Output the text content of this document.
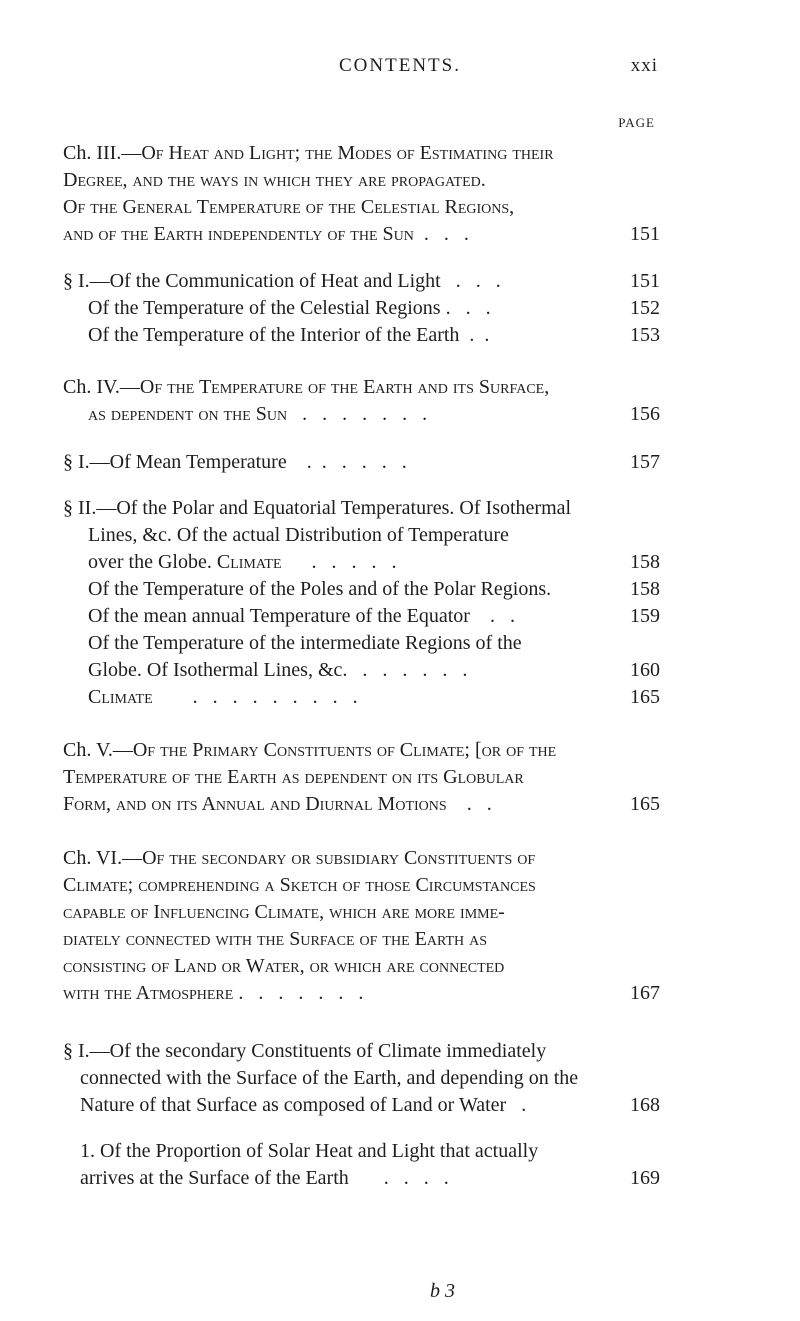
CONTENTS.	xxi
PAGE
Ch. III.—Of Heat and Light; the Modes of Estimating their
Degree, and the ways in which they are propagated.
Of the General Temperature of the Celestial Regions,
and of the Earth independently of the Sun  .   .   .	151
§ I.—Of the Communication of Heat and Light   .   .   .	151
Of the Temperature of the Celestial Regions .   .   .	152
Of the Temperature of the Interior of the Earth  .  .	153
Ch. IV.—Of the Temperature of the Earth and its Surface,
as dependent on the Sun   .   .   .   .   .   .   .	156
§ I.—Of Mean Temperature    .  .   .   .   .   .	157
§ II.—Of the Polar and Equatorial Temperatures. Of Isothermal
Lines, &c. Of the actual Distribution of Temperature
over the Globe. Climate      .   .   .   .   .	158
Of the Temperature of the Poles and of the Polar Regions.	158
Of the mean annual Temperature of the Equator    .   .	159
Of the Temperature of the intermediate Regions of the
Globe. Of Isothermal Lines, &c.   .   .   .   .   .   .	160
Climate        .   .   .   .   .   .   .   .   .	165
Ch. V.—Of the Primary Constituents of Climate; [or of the
Temperature of the Earth as dependent on its Globular
Form, and on its Annual and Diurnal Motions    .   .	165
Ch. VI.—Of the secondary or subsidiary Constituents of
Climate; comprehending a Sketch of those Circumstances
capable of Influencing Climate, which are more imme-
diately connected with the Surface of the Earth as
consisting of Land or Water, or which are connected
with the Atmosphere .   .   .   .   .   .   .	167
§ I.—Of the secondary Constituents of Climate immediately
connected with the Surface of the Earth, and depending on the
Nature of that Surface as composed of Land or Water   .	168
1. Of the Proportion of Solar Heat and Light that actually
arrives at the Surface of the Earth       .   .   .   .	169
b 3
